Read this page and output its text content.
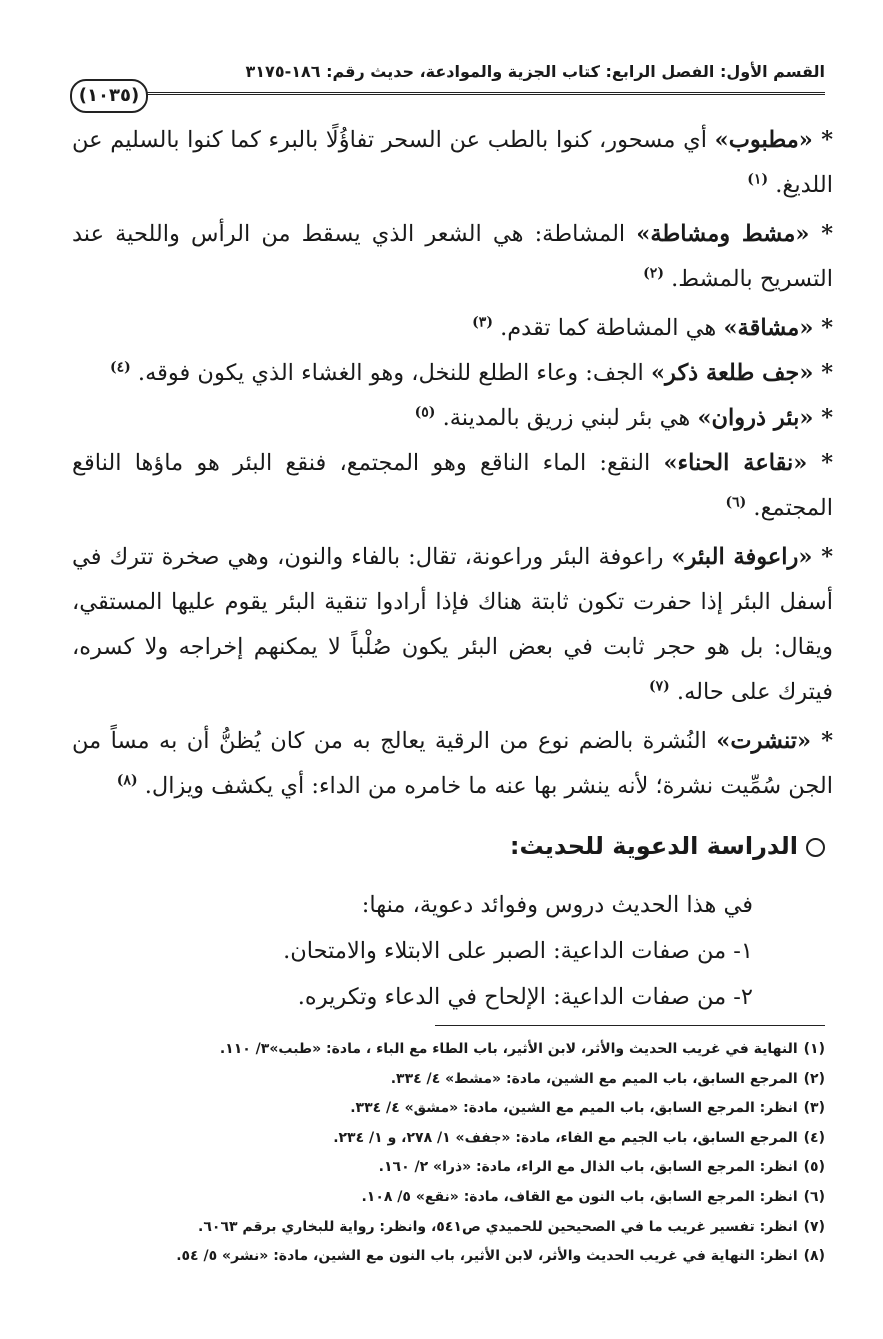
القسم الأول: الفصل الرابع: كتاب الجزية والموادعة، حديث رقم: ١٨٦-٣١٧٥
(١٠٣٥)

* «مطبوب» أي مسحور، كنوا بالطب عن السحر تفاؤُلًا بالبرء كما كنوا بالسليم عن اللديغ. $^{(١)}$

* «مشط ومشاطة» المشاطة: هي الشعر الذي يسقط من الرأس واللحية عند التسريح بالمشط. $^{(٢)}$

* «مشاقة» هي المشاطة كما تقدم. $^{(٣)}$

* «جف طلعة ذكر» الجف: وعاء الطلع للنخل، وهو الغشاء الذي يكون فوقه. $^{(٤)}$

* «بئر ذروان» هي بئر لبني زريق بالمدينة. $^{(٥)}$

* «نقاعة الحناء» النقع: الماء الناقع وهو المجتمع، فنقع البئر هو ماؤها الناقع المجتمع. $^{(٦)}$

* «راعوفة البئر» راعوفة البئر وراعونة، تقال: بالفاء والنون، وهي صخرة تترك في أسفل البئر إذا حفرت تكون ثابتة هناك فإذا أرادوا تنقية البئر يقوم عليها المستقي، ويقال: بل هو حجر ثابت في بعض البئر يكون صُلْباً لا يمكنهم إخراجه ولا كسره، فيترك على حاله. $^{(٧)}$

* «تنشرت» النُشرة بالضم نوع من الرقية يعالج به من كان يُظنُّ أن به مساً من الجن سُمِّيت نشرة؛ لأنه ينشر بها عنه ما خامره من الداء: أي يكشف ويزال. $^{(٨)}$

الدراسة الدعوية للحديث:

في هذا الحديث دروس وفوائد دعوية، منها:

١- من صفات الداعية: الصبر على الابتلاء والامتحان.

٢- من صفات الداعية: الإلحاح في الدعاء وتكريره.

(١)النهاية في غريب الحديث والأثر، لابن الأثير، باب الطاء مع الباء ، مادة: «طبب»٣/ ١١٠.

(٢)المرجع السابق، باب الميم مع الشين، مادة: «مشط» ٤/ ٣٣٤.

(٣)انظر: المرجع السابق، باب الميم مع الشين، مادة: «مشق» ٤/ ٣٣٤.

(٤)المرجع السابق، باب الجيم مع الفاء، مادة: «جفف» ١/ ٢٧٨، و ١/ ٢٣٤.

(٥)انظر: المرجع السابق، باب الذال مع الراء، مادة: «ذرا» ٢/ ١٦٠.

(٦)انظر: المرجع السابق، باب النون مع القاف، مادة: «نقع» ٥/ ١٠٨.

(٧)انظر: تفسير غريب ما في الصحيحين للحميدي ص٥٤١، وانظر: رواية للبخاري برقم ٦٠٦٣.

(٨)انظر: النهاية في غريب الحديث والأثر، لابن الأثير، باب النون مع الشين، مادة: «نشر» ٥/ ٥٤.
